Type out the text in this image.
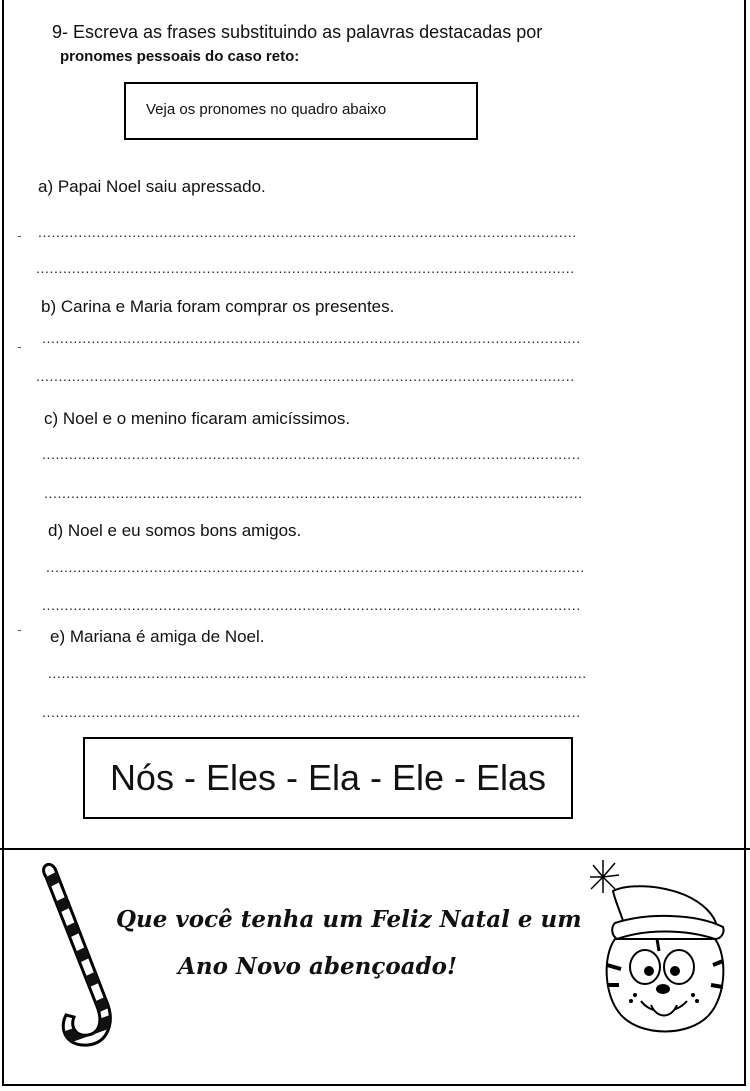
9- Escreva as frases substituindo as palavras destacadas por
pronomes pessoais do caso reto:
Veja os pronomes no quadro abaixo
a) Papai Noel saiu apressado.
........................................................................................................................
........................................................................................................................
b) Carina e Maria foram comprar os presentes.
........................................................................................................................
........................................................................................................................
c) Noel e o menino ficaram amicíssimos.
........................................................................................................................
........................................................................................................................
d) Noel e eu somos bons amigos.
........................................................................................................................
........................................................................................................................
e) Mariana é amiga de Noel.
........................................................................................................................
........................................................................................................................
Nós - Eles - Ela - Ele - Elas
Que você tenha um Feliz Natal e um
Ano Novo abençoado!
